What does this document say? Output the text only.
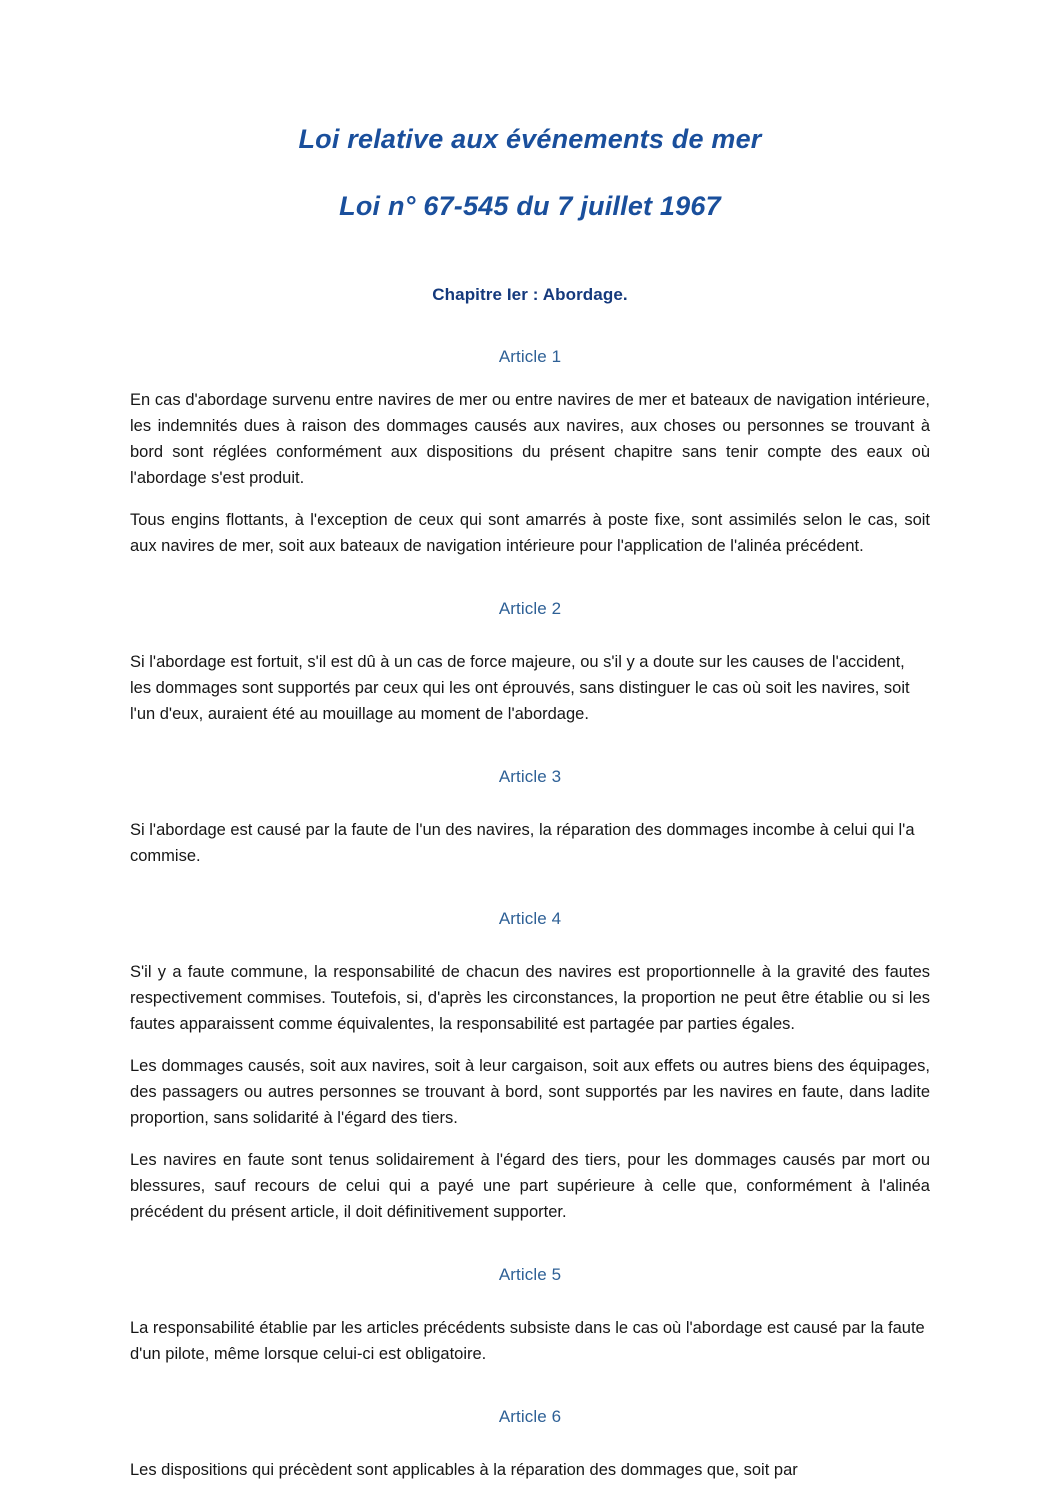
Loi relative aux événements de mer
Loi n° 67-545 du 7 juillet 1967
Chapitre Ier : Abordage.
Article 1

En cas d'abordage survenu entre navires de mer ou entre navires de mer et bateaux de navigation intérieure, les indemnités dues à raison des dommages causés aux navires, aux choses ou personnes se trouvant à bord sont réglées conformément aux dispositions du présent chapitre sans tenir compte des eaux où l'abordage s'est produit.

Tous engins flottants, à l'exception de ceux qui sont amarrés à poste fixe, sont assimilés selon le cas, soit aux navires de mer, soit aux bateaux de navigation intérieure pour l'application de l'alinéa précédent.

Article 2

Si l'abordage est fortuit, s'il est dû à un cas de force majeure, ou s'il y a doute sur les causes de l'accident, les dommages sont supportés par ceux qui les ont éprouvés, sans distinguer le cas où soit les navires, soit l'un d'eux, auraient été au mouillage au moment de l'abordage.

Article 3

Si l'abordage est causé par la faute de l'un des navires, la réparation des dommages incombe à celui qui l'a commise.

Article 4

S'il y a faute commune, la responsabilité de chacun des navires est proportionnelle à la gravité des fautes respectivement commises. Toutefois, si, d'après les circonstances, la proportion ne peut être établie ou si les fautes apparaissent comme équivalentes, la responsabilité est partagée par parties égales.

Les dommages causés, soit aux navires, soit à leur cargaison, soit aux effets ou autres biens des équipages, des passagers ou autres personnes se trouvant à bord, sont supportés par les navires en faute, dans ladite proportion, sans solidarité à l'égard des tiers.

Les navires en faute sont tenus solidairement à l'égard des tiers, pour les dommages causés par mort ou blessures, sauf recours de celui qui a payé une part supérieure à celle que, conformément à l'alinéa précédent du présent article, il doit définitivement supporter.

Article 5

La responsabilité établie par les articles précédents subsiste dans le cas où l'abordage est causé par la faute d'un pilote, même lorsque celui-ci est obligatoire.

Article 6

Les dispositions qui précèdent sont applicables à la réparation des dommages que, soit par
